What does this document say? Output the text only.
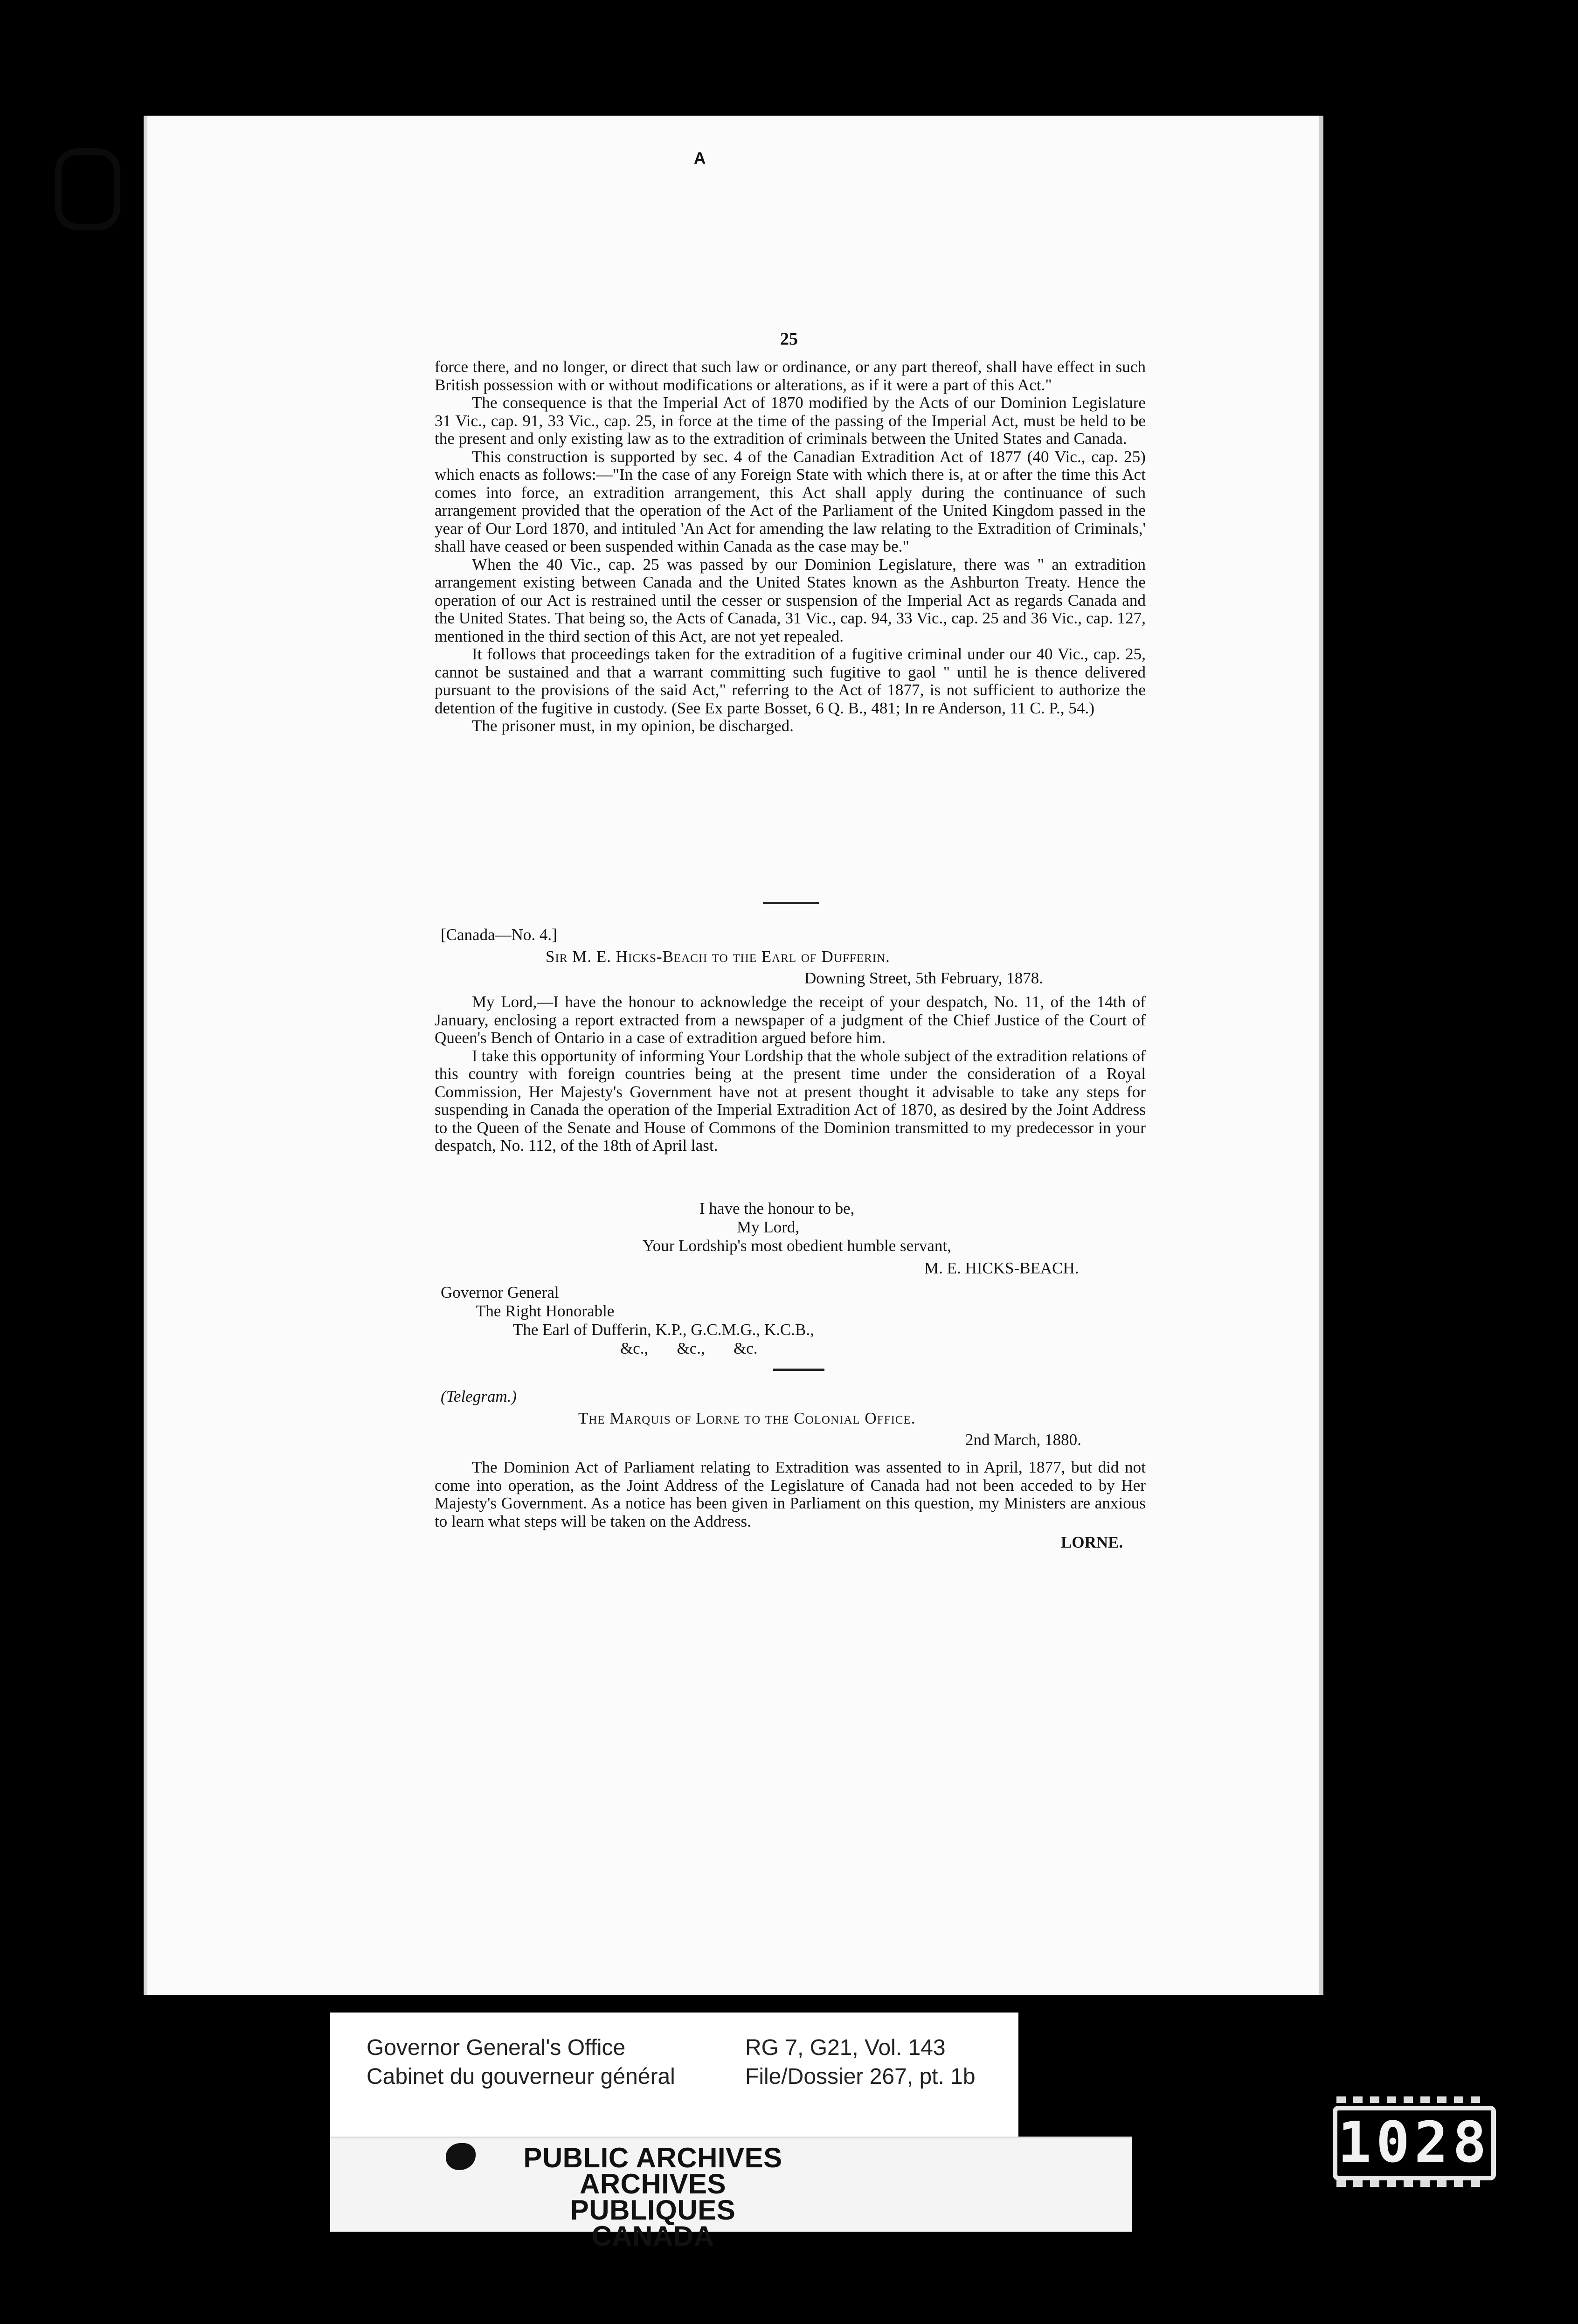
A
25

force there, and no longer, or direct that such law or ordinance, or any part thereof, shall have effect in such British possession with or without modifications or alterations, as if it were a part of this Act."

The consequence is that the Imperial Act of 1870 modified by the Acts of our Dominion Legislature 31 Vic., cap. 91, 33 Vic., cap. 25, in force at the time of the passing of the Imperial Act, must be held to be the present and only existing law as to the extradition of criminals between the United States and Canada.

This construction is supported by sec. 4 of the Canadian Extradition Act of 1877 (40 Vic., cap. 25) which enacts as follows:—"In the case of any Foreign State with which there is, at or after the time this Act comes into force, an extradition arrangement, this Act shall apply during the continuance of such arrangement provided that the operation of the Act of the Parliament of the United Kingdom passed in the year of Our Lord 1870, and intituled 'An Act for amending the law relating to the Extradition of Criminals,' shall have ceased or been suspended within Canada as the case may be."

When the 40 Vic., cap. 25 was passed by our Dominion Legislature, there was " an extradition arrangement existing between Canada and the United States known as the Ashburton Treaty. Hence the operation of our Act is restrained until the cesser or suspension of the Imperial Act as regards Canada and the United States. That being so, the Acts of Canada, 31 Vic., cap. 94, 33 Vic., cap. 25 and 36 Vic., cap. 127, mentioned in the third section of this Act, are not yet repealed.

It follows that proceedings taken for the extradition of a fugitive criminal under our 40 Vic., cap. 25, cannot be sustained and that a warrant committing such fugitive to gaol " until he is thence delivered pursuant to the provisions of the said Act," referring to the Act of 1877, is not sufficient to authorize the detention of the fugitive in custody. (See Ex parte Bosset, 6 Q. B., 481; In re Anderson, 11 C. P., 54.)

The prisoner must, in my opinion, be discharged.

[Canada—No. 4.]
Sir M. E. Hicks-Beach to the Earl of Dufferin.
Downing Street, 5th February, 1878.

My Lord,—I have the honour to acknowledge the receipt of your despatch, No. 11, of the 14th of January, enclosing a report extracted from a newspaper of a judgment of the Chief Justice of the Court of Queen's Bench of Ontario in a case of extradition argued before him.

I take this opportunity of informing Your Lordship that the whole subject of the extradition relations of this country with foreign countries being at the present time under the consideration of a Royal Commission, Her Majesty's Government have not at present thought it advisable to take any steps for suspending in Canada the operation of the Imperial Extradition Act of 1870, as desired by the Joint Address to the Queen of the Senate and House of Commons of the Dominion transmitted to my predecessor in your despatch, No. 112, of the 18th of April last.

I have the honour to be,
My Lord,
Your Lordship's most obedient humble servant,
M. E. HICKS-BEACH.
Governor General
The Right Honorable
The Earl of Dufferin, K.P., G.C.M.G., K.C.B.,
&c.,       &c.,       &c.
(Telegram.)
The Marquis of Lorne to the Colonial Office.
2nd March, 1880.

The Dominion Act of Parliament relating to Extradition was assented to in April, 1877, but did not come into operation, as the Joint Address of the Legislature of Canada had not been acceded to by Her Majesty's Government. As a notice has been given in Parliament on this question, my Ministers are anxious to learn what steps will be taken on the Address.

LORNE.
Governor General's Office
Cabinet du gouverneur général
RG 7, G21, Vol. 143
File/Dossier 267, pt. 1b
PUBLIC ARCHIVES
ARCHIVES PUBLIQUES
CANADA
1028
